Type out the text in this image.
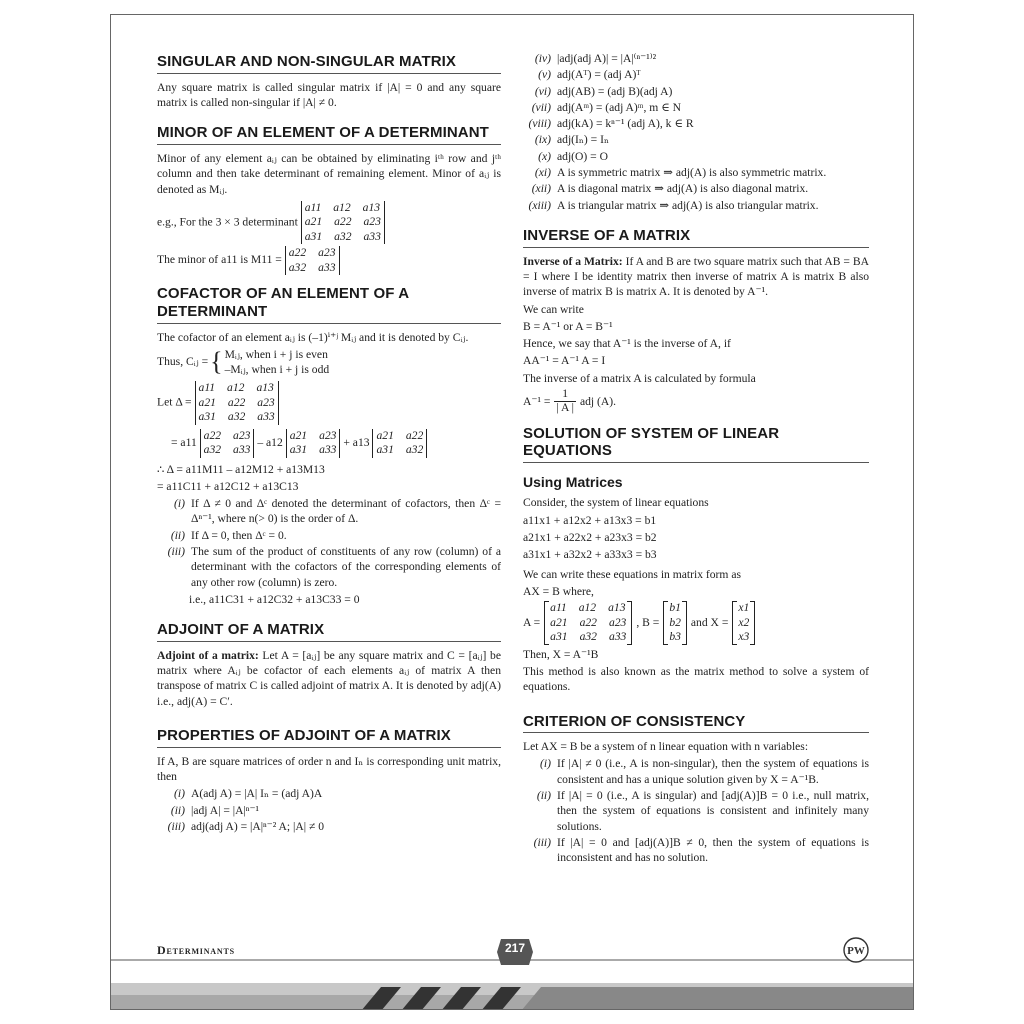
SINGULAR AND NON-SINGULAR MATRIX

Any square matrix is called singular matrix if |A| = 0 and any square matrix is called non-singular if |A| ≠ 0.

MINOR OF AN ELEMENT OF A DETERMINANT

Minor of any element aᵢⱼ can be obtained by eliminating iᵗʰ row and jᵗʰ column and then take determinant of remaining element. Minor of aᵢⱼ is denoted as Mᵢⱼ.

e.g., For the 3 × 3 determinant
a11 a12 a13
a21 a22 a23
a31 a32 a33
The minor of a11 is M11 =
a22 a23
a32 a33
COFACTOR OF AN ELEMENT OF A DETERMINANT

The cofactor of an element aᵢⱼ is (–1)ⁱ⁺ʲ Mᵢⱼ and it is denoted by Cᵢⱼ.

Thus, Cᵢⱼ = { Mᵢⱼ, when i + j is even
–Mᵢⱼ, when i + j is odd
Let Δ =
a11 a12 a13
a21 a22 a23
a31 a32 a33
= a11
a22 a23
a32 a33
– a12
a21 a23
a31 a33
+ a13
a21 a22
a31 a32
∴ Δ = a11M11 – a12M12 + a13M13
= a11C11 + a12C12 + a13C13
(i) If Δ ≠ 0 and Δᶜ denoted the determinant of cofactors, then Δᶜ = Δⁿ⁻¹, where n(> 0) is the order of Δ.
(ii) If Δ = 0, then Δᶜ = 0.
(iii) The sum of the product of constituents of any row (column) of a determinant with the cofactors of the corresponding elements of any other row (column) is zero.
i.e., a11C31 + a12C32 + a13C33 = 0
ADJOINT OF A MATRIX

Adjoint of a matrix: Let A = [aᵢⱼ] be any square matrix and C = [aᵢⱼ] be matrix where Aᵢⱼ be cofactor of each elements aᵢⱼ of matrix A then transpose of matrix C is called adjoint of matrix A. It is denoted by adj(A) i.e., adj(A) = C′.

PROPERTIES OF ADJOINT OF A MATRIX

If A, B are square matrices of order n and Iₙ is corresponding unit matrix, then

(i) A(adj A) = |A| Iₙ = (adj A)A
(ii) |adj A| = |A|ⁿ⁻¹
(iii) adj(adj A) = |A|ⁿ⁻² A; |A| ≠ 0
(iv) |adj(adj A)| = |A|⁽ⁿ⁻¹⁾²
(v) adj(Aᵀ) = (adj A)ᵀ
(vi) adj(AB) = (adj B)(adj A)
(vii) adj(Aᵐ) = (adj A)ᵐ, m ∈ N
(viii) adj(kA) = kⁿ⁻¹ (adj A), k ∈ R
(ix) adj(Iₙ) = Iₙ
(x) adj(O) = O
(xi) A is symmetric matrix ⇒ adj(A) is also symmetric matrix.
(xii) A is diagonal matrix ⇒ adj(A) is also diagonal matrix.
(xiii) A is triangular matrix ⇒ adj(A) is also triangular matrix.
INVERSE OF A MATRIX

Inverse of a Matrix: If A and B are two square matrix such that AB = BA = I where I be identity matrix then inverse of matrix A is matrix B also inverse of matrix B is matrix A. It is denoted by A⁻¹.

We can write
B = A⁻¹ or A = B⁻¹
Hence, we say that A⁻¹ is the inverse of A, if
AA⁻¹ = A⁻¹ A = I
The inverse of a matrix A is calculated by formula
$A^{-1} = \frac{1}{| A |}$ adj (A).
SOLUTION OF SYSTEM OF LINEAR EQUATIONS
Using Matrices
Consider, the system of linear equations
a11x1 + a12x2 + a13x3 = b1
a21x1 + a22x2 + a23x3 = b2
a31x1 + a32x2 + a33x3 = b3
We can write these equations in matrix form as
AX = B where,
A =
a11 a12 a13
a21 a22 a23
a31 a32 a33
, B =
b1
b2
b3
and X =
x1
x2
x3
Then, X = A⁻¹B

This method is also known as the matrix method to solve a system of equations.

CRITERION OF CONSISTENCY

Let AX = B be a system of n linear equation with n variables:

(i) If |A| ≠ 0 (i.e., A is non-singular), then the system of equations is consistent and has a unique solution given by X = A⁻¹B.
(ii) If |A| = 0 (i.e., A is singular) and [adj(A)]B = 0 i.e., null matrix, then the system of equations is consistent and infinitely many solutions.
(iii) If |A| = 0 and [adj(A)]B ≠ 0, then the system of equations is inconsistent and has no solution.
Determinants	217	PW
